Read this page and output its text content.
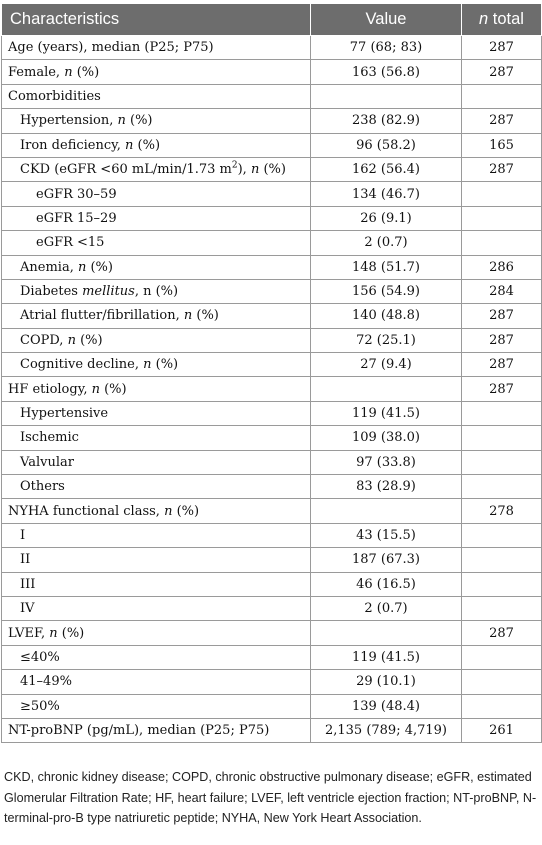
Characteristics	Value	n total
Age (years), median (P25; P75)	77 (68; 83)	287
Female, n (%)	163 (56.8)	287
Comorbidities		
Hypertension, n (%)	238 (82.9)	287
Iron deficiency, n (%)	96 (58.2)	165
CKD (eGFR <60 mL/min/1.73 $m^2$), n (%)	162 (56.4)	287
eGFR 30–59	134 (46.7)	
eGFR 15–29	26 (9.1)	
eGFR <15	2 (0.7)	
Anemia, n (%)	148 (51.7)	286
Diabetes mellitus, n (%)	156 (54.9)	284
Atrial flutter/fibrillation, n (%)	140 (48.8)	287
COPD, n (%)	72 (25.1)	287
Cognitive decline, n (%)	27 (9.4)	287
HF etiology, n (%)		287
Hypertensive	119 (41.5)	
Ischemic	109 (38.0)	
Valvular	97 (33.8)	
Others	83 (28.9)	
NYHA functional class, n (%)		278
I	43 (15.5)	
II	187 (67.3)	
III	46 (16.5)	
IV	2 (0.7)	
LVEF, n (%)		287
≤40%	119 (41.5)	
41–49%	29 (10.1)	
≥50%	139 (48.4)	
NT-proBNP (pg/mL), median (P25; P75)	2,135 (789; 4,719)	261

CKD, chronic kidney disease; COPD, chronic obstructive pulmonary disease; eGFR, estimated Glomerular Filtration Rate; HF, heart failure; LVEF, left ventricle ejection fraction; NT-proBNP, N-terminal-pro-B type natriuretic peptide; NYHA, New York Heart Association.
